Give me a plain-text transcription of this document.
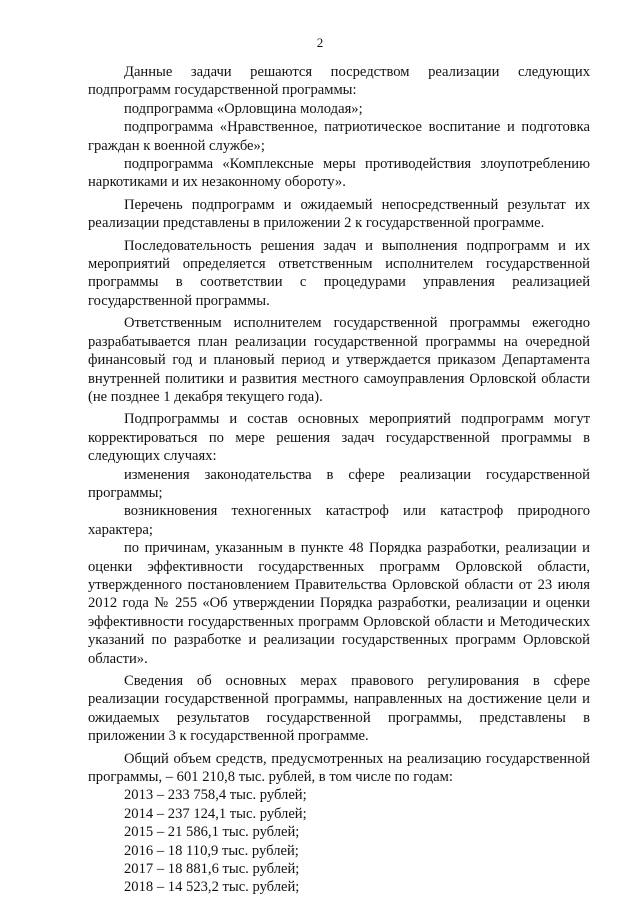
2

Данные задачи решаются посредством реализации следующих подпрограмм государственной программы:

подпрограмма «Орловщина молодая»;

подпрограмма «Нравственное, патриотическое воспитание и подготовка граждан к военной службе»;

подпрограмма «Комплексные меры противодействия злоупотреблению наркотиками и их незаконному обороту».

Перечень подпрограмм и ожидаемый непосредственный результат их реализации представлены в приложении 2 к государственной программе.

Последовательность решения задач и выполнения подпрограмм и их мероприятий определяется ответственным исполнителем государственной программы в соответствии с процедурами управления реализацией государственной программы.

Ответственным исполнителем государственной программы ежегодно разрабатывается план реализации государственной программы на очередной финансовый год и плановый период и утверждается приказом Департамента внутренней политики и развития местного самоуправления Орловской области (не позднее 1 декабря текущего года).

Подпрограммы и состав основных мероприятий подпрограмм могут корректироваться по мере решения задач государственной программы в следующих случаях:

изменения законодательства в сфере реализации государственной программы;

возникновения техногенных катастроф или катастроф природного характера;

по причинам, указанным в пункте 48 Порядка разработки, реализации и оценки эффективности государственных программ Орловской области, утвержденного постановлением Правительства Орловской области от 23 июля 2012 года № 255 «Об утверждении Порядка разработки, реализации и оценки эффективности государственных программ Орловской области и Методических указаний по разработке и реализации государственных программ Орловской области».

Сведения об основных мерах правового регулирования в сфере реализации государственной программы, направленных на достижение цели и ожидаемых результатов государственной программы, представлены в приложении 3 к государственной программе.

Общий объем средств, предусмотренных на реализацию государственной программы, – 601 210,8 тыс. рублей, в том числе по годам:

2013 – 233 758,4 тыс. рублей;
2014 – 237 124,1 тыс. рублей;
2015 – 21 586,1 тыс. рублей;
2016 – 18 110,9 тыс. рублей;
2017 – 18 881,6 тыс. рублей;
2018 – 14 523,2 тыс. рублей;
